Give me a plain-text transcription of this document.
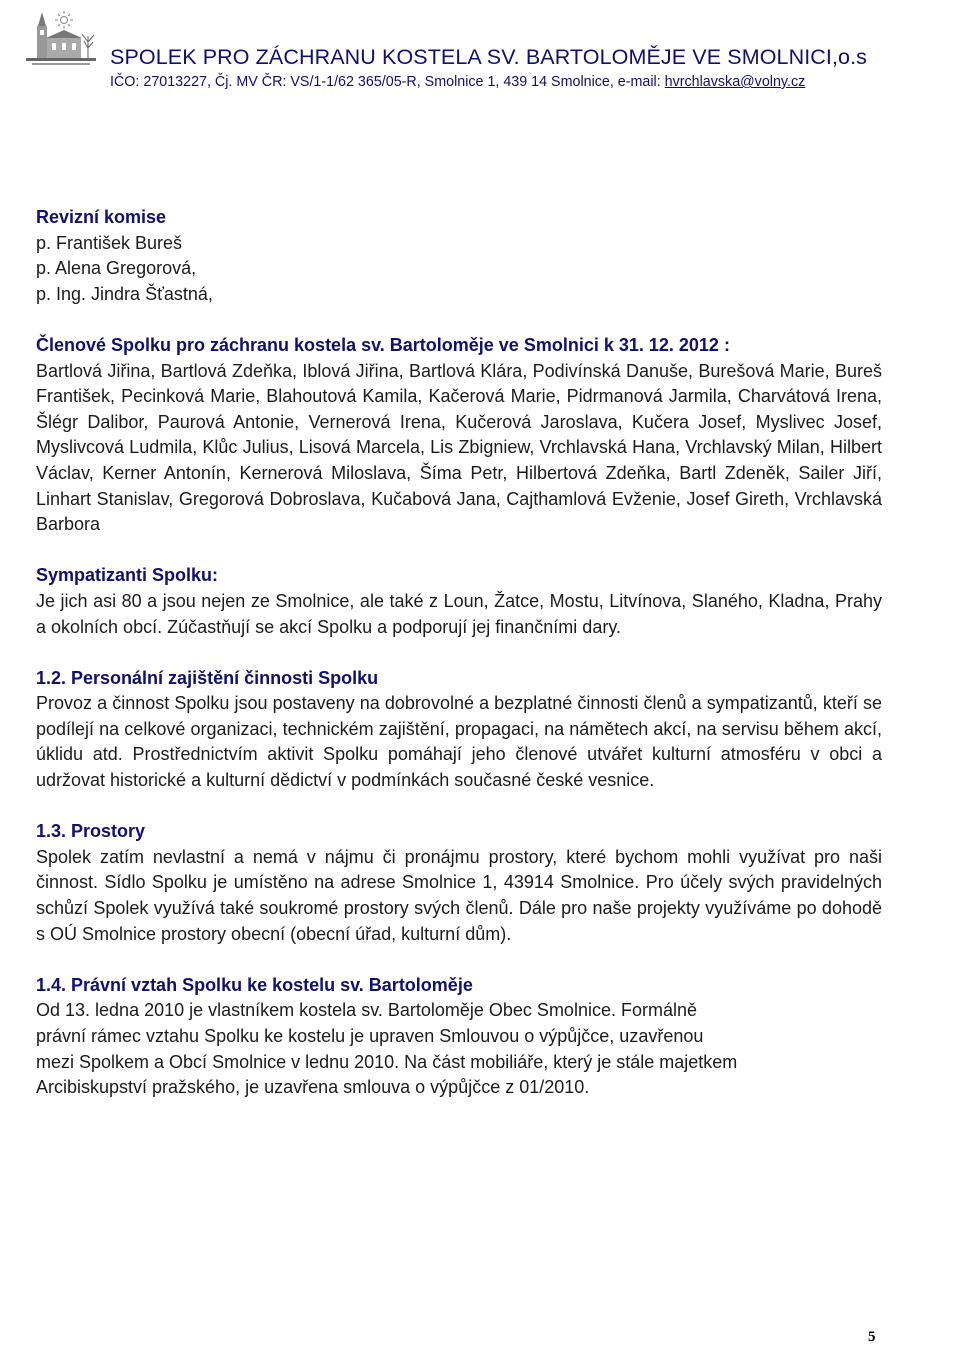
SPOLEK PRO ZÁCHRANU KOSTELA SV. BARTOLOMĚJE VE SMOLNICI,o.s

IČO: 27013227, Čj. MV ČR: VS/1-1/62 365/05-R, Smolnice 1, 439 14 Smolnice, e-mail: hvrchlavska@volny.cz

Revizní komise

p. František Bureš

p. Alena Gregorová,

p. Ing. Jindra Šťastná,

Členové Spolku pro záchranu kostela sv. Bartoloměje ve Smolnici k 31. 12. 2012 :

Bartlová Jiřina, Bartlová Zdeňka, Iblová Jiřina, Bartlová Klára, Podivínská Danuše, Burešová Marie, Bureš František, Pecinková Marie, Blahoutová Kamila, Kačerová Marie, Pidrmanová Jarmila, Charvátová Irena, Šlégr Dalibor, Paurová Antonie, Vernerová Irena, Kučerová Jaroslava, Kučera Josef, Myslivec Josef, Myslivcová Ludmila, Klůc Julius, Lisová Marcela, Lis Zbigniew, Vrchlavská Hana, Vrchlavský Milan, Hilbert Václav, Kerner Antonín, Kernerová Miloslava, Šíma Petr, Hilbertová Zdeňka, Bartl Zdeněk, Sailer Jiří, Linhart Stanislav, Gregorová Dobroslava, Kučabová Jana, Cajthamlová Evženie, Josef Gireth, Vrchlavská Barbora

Sympatizanti Spolku:

Je jich asi 80 a jsou nejen ze Smolnice, ale také z Loun, Žatce, Mostu, Litvínova, Slaného, Kladna, Prahy a okolních obcí. Zúčastňují se akcí Spolku a podporují jej finančními dary.

1.2. Personální zajištění činnosti Spolku

Provoz a činnost Spolku jsou postaveny na dobrovolné a bezplatné činnosti členů a sympatizantů, kteří se podílejí na celkové organizaci, technickém zajištění, propagaci, na námětech akcí, na servisu během akcí, úklidu atd. Prostřednictvím aktivit Spolku pomáhají jeho členové utvářet kulturní atmosféru v obci a udržovat historické a kulturní dědictví v podmínkách současné české vesnice.

1.3. Prostory

Spolek zatím nevlastní a nemá v nájmu či pronájmu prostory, které bychom mohli využívat pro naši činnost. Sídlo Spolku je umístěno na adrese Smolnice 1, 43914 Smolnice. Pro účely svých pravidelných schůzí Spolek využívá také soukromé prostory svých členů. Dále pro naše projekty využíváme po dohodě s OÚ Smolnice prostory obecní (obecní úřad, kulturní dům).

1.4. Právní vztah Spolku ke kostelu sv. Bartoloměje

Od 13. ledna 2010 je vlastníkem kostela sv. Bartoloměje Obec Smolnice. Formálně

právní rámec vztahu Spolku ke kostelu je upraven Smlouvou o výpůjčce, uzavřenou

mezi Spolkem a Obcí Smolnice v lednu 2010. Na část mobiliáře, který je stále majetkem

Arcibiskupství pražského, je uzavřena smlouva o výpůjčce z 01/2010.

5
